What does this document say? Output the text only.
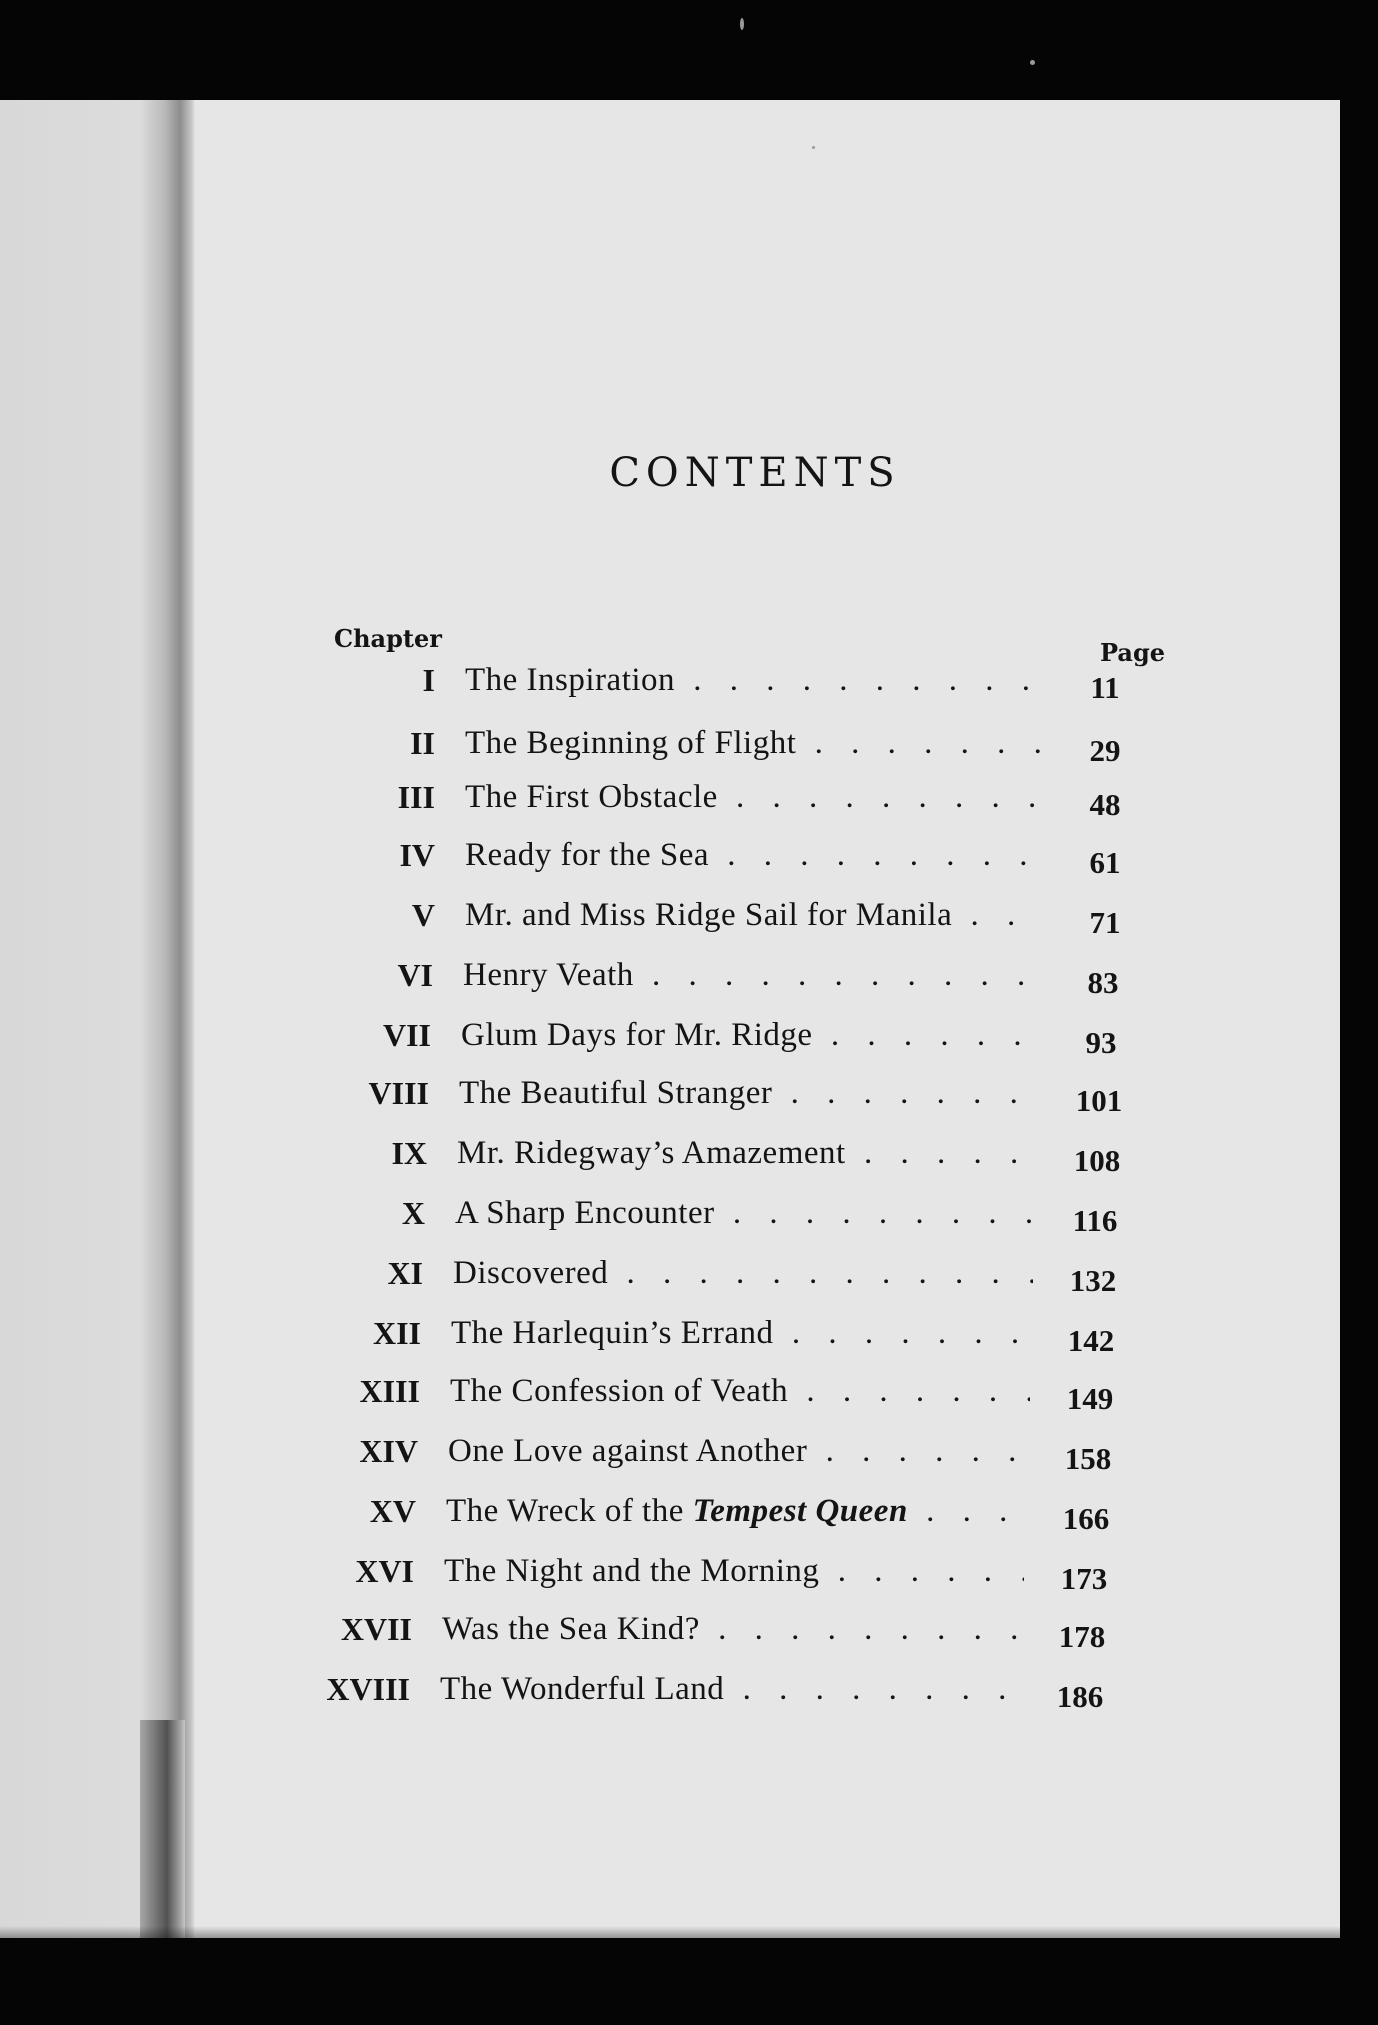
CONTENTS
Chapter	Page
I The Inspiration . . .	11
II The Beginning of Flight . . .	29
III The First Obstacle . . .	48
IV Ready for the Sea . . .	61
V Mr. and Miss Ridge Sail for Manila . . .	71
VI Henry Veath . . .	83
VII Glum Days for Mr. Ridge . . .	93
VIII The Beautiful Stranger . . .	101
IX Mr. Ridegway’s Amazement . . .	108
X A Sharp Encounter . . .	116
XI Discovered . . .	132
XII The Harlequin’s Errand . . .	142
XIII The Confession of Veath . . .	149
XIV One Love against Another . . .	158
XV The Wreck of the Tempest Queen . . .	166
XVI The Night and the Morning . . .	173
XVII Was the Sea Kind? . . .	178
XVIII The Wonderful Land . . .	186
